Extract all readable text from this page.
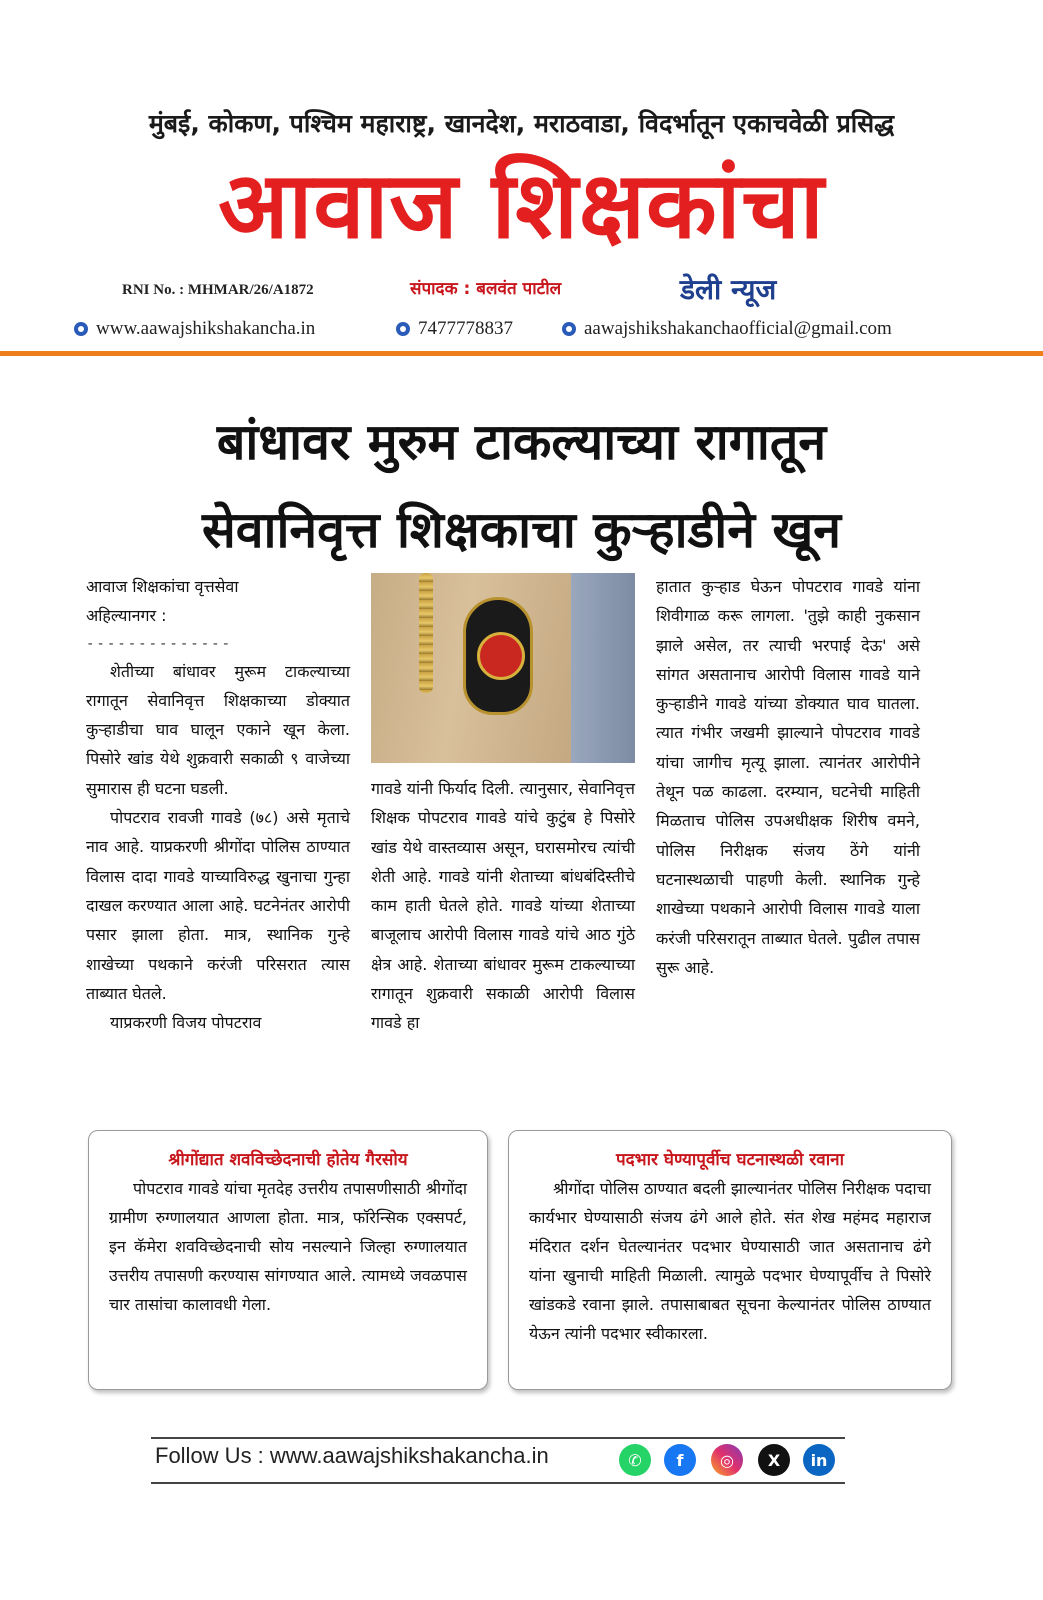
मुंबई, कोकण, पश्चिम महाराष्ट्र, खानदेश, मराठवाडा, विदर्भातून एकाचवेळी प्रसिद्ध
आवाज शिक्षकांचा
RNI No. : MHMAR/26/A1872	संपादक : बलवंत पाटील	डेली न्यूज
www.aawajshikshakancha.in	7477778837	aawajshikshakanchaofficial@gmail.com
बांधावर मुरुम टाकल्याच्या रागातून
सेवानिवृत्त शिक्षकाचा कुऱ्हाडीने खून
आवाज शिक्षकांचा वृत्तसेवा
अहिल्यानगर :
--------------

शेतीच्या बांधावर मुरूम टाकल्याच्या रागातून सेवानिवृत्त शिक्षकाच्या डोक्यात कुऱ्हाडीचा घाव घालून एकाने खून केला. पिसोरे खांड येथे शुक्रवारी सकाळी ९ वाजेच्या सुमारास ही घटना घडली.

पोपटराव रावजी गावडे (७८) असे मृताचे नाव आहे. याप्रकरणी श्रीगोंदा पोलिस ठाण्यात विलास दादा गावडे याच्याविरुद्ध खुनाचा गुन्हा दाखल करण्यात आला आहे. घटनेनंतर आरोपी पसार झाला होता. मात्र, स्थानिक गुन्हे शाखेच्या पथकाने करंजी परिसरात त्यास ताब्यात घेतले.

याप्रकरणी विजय पोपटराव

गावडे यांनी फिर्याद दिली. त्यानुसार, सेवानिवृत्त शिक्षक पोपटराव गावडे यांचे कुटुंब हे पिसोरे खांड येथे वास्तव्यास असून, घरासमोरच त्यांची शेती आहे. गावडे यांनी शेताच्या बांधबंदिस्तीचे काम हाती घेतले होते. गावडे यांच्या शेताच्या बाजूलाच आरोपी विलास गावडे यांचे आठ गुंठे क्षेत्र आहे. शेताच्या बांधावर मुरूम टाकल्याच्या रागातून शुक्रवारी सकाळी आरोपी विलास गावडे हा
हातात कुऱ्हाड घेऊन पोपटराव गावडे यांना शिवीगाळ करू लागला. 'तुझे काही नुकसान झाले असेल, तर त्याची भरपाई देऊ' असे सांगत असतानाच आरोपी विलास गावडे याने कुऱ्हाडीने गावडे यांच्या डोक्यात घाव घातला. त्यात गंभीर जखमी झाल्याने पोपटराव गावडे यांचा जागीच मृत्यू झाला. त्यानंतर आरोपीने तेथून पळ काढला. दरम्यान, घटनेची माहिती मिळताच पोलिस उपअधीक्षक शिरीष वमने, पोलिस निरीक्षक संजय ठेंगे यांनी घटनास्थळाची पाहणी केली. स्थानिक गुन्हे शाखेच्या पथकाने आरोपी विलास गावडे याला करंजी परिसरातून ताब्यात घेतले. पुढील तपास सुरू आहे.
श्रीगोंद्यात शवविच्छेदनाची होतेय गैरसोय
पोपटराव गावडे यांचा मृतदेह उत्तरीय तपासणीसाठी श्रीगोंदा ग्रामीण रुग्णालयात आणला होता. मात्र, फॉरेन्सिक एक्सपर्ट, इन कॅमेरा शवविच्छेदनाची सोय नसल्याने जिल्हा रुग्णालयात उत्तरीय तपासणी करण्यास सांगण्यात आले. त्यामध्ये जवळपास चार तासांचा कालावधी गेला.
पदभार घेण्यापूर्वीच घटनास्थळी रवाना
श्रीगोंदा पोलिस ठाण्यात बदली झाल्यानंतर पोलिस निरीक्षक पदाचा कार्यभार घेण्यासाठी संजय ढंगे आले होते. संत शेख महंमद महाराज मंदिरात दर्शन घेतल्यानंतर पदभार घेण्यासाठी जात असतानाच ढंगे यांना खुनाची माहिती मिळाली. त्यामुळे पदभार घेण्यापूर्वीच ते पिसोरे खांडकडे रवाना झाले. तपासाबाबत सूचना केल्यानंतर पोलिस ठाण्यात येऊन त्यांनी पदभार स्वीकारला.
Follow Us : www.aawajshikshakancha.in	✆	f	◎	X	in
